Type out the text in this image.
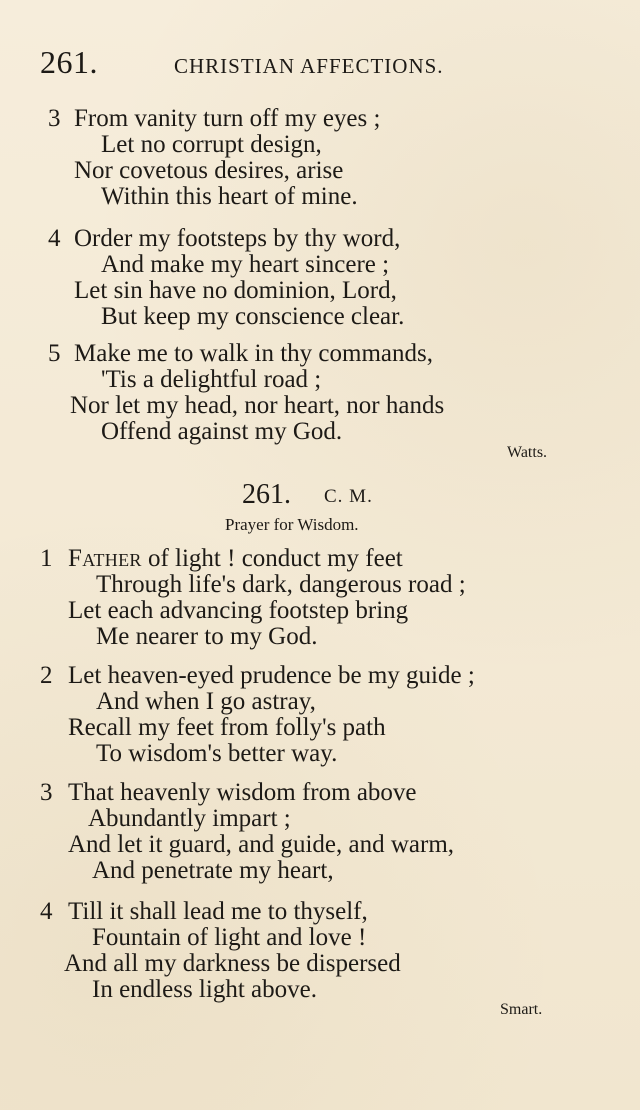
261.	CHRISTIAN AFFECTIONS.
3 From vanity turn off my eyes ;
Let no corrupt design,
Nor covetous desires, arise
Within this heart of mine.
4 Order my footsteps by thy word,
And make my heart sincere ;
Let sin have no dominion, Lord,
But keep my conscience clear.
5 Make me to walk in thy commands,
'Tis a delightful road ;
Nor let my head, nor heart, nor hands
Offend against my God.
Watts.
261. C. M.
Prayer for Wisdom.
1 Father of light ! conduct my feet
Through life's dark, dangerous road ;
Let each advancing footstep bring
Me nearer to my God.
2 Let heaven-eyed prudence be my guide ;
And when I go astray,
Recall my feet from folly's path
To wisdom's better way.
3 That heavenly wisdom from above
Abundantly impart ;
And let it guard, and guide, and warm,
And penetrate my heart,
4 Till it shall lead me to thyself,
Fountain of light and love !
And all my darkness be dispersed
In endless light above.
Smart.
